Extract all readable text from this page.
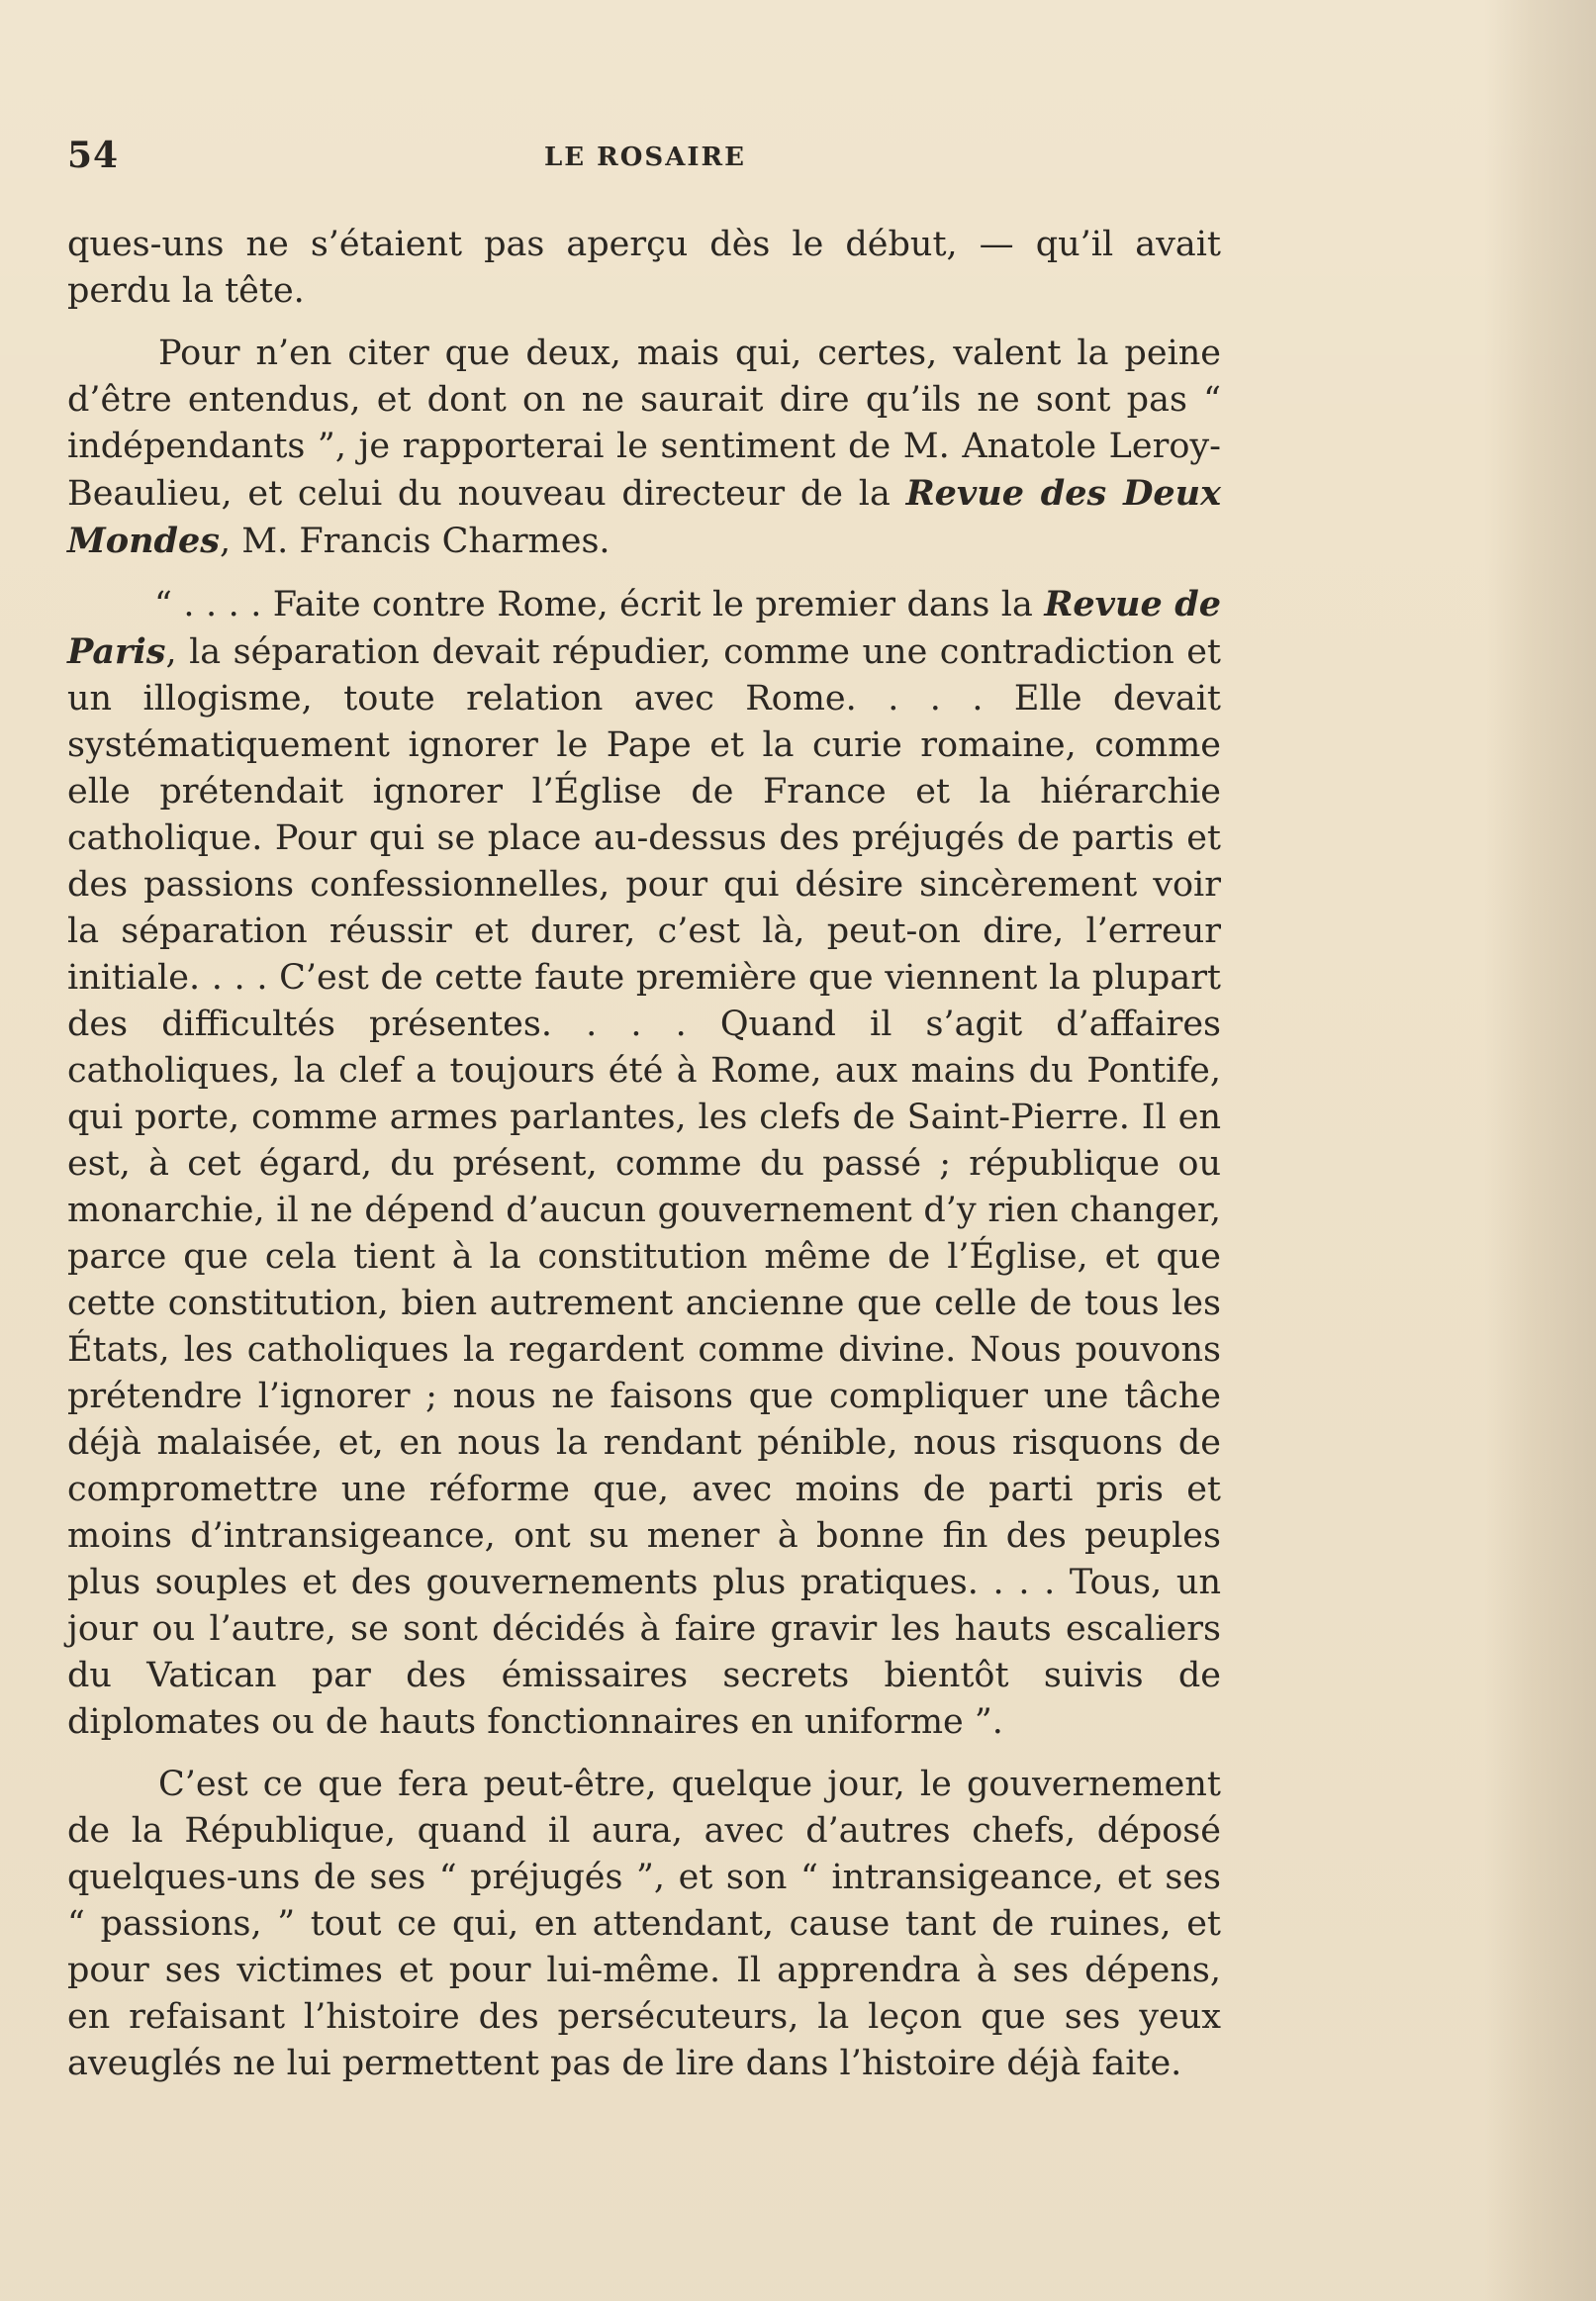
54	LE ROSAIRE

ques-uns ne s’étaient pas aperçu dès le début, — qu’il avait perdu la tête.

Pour n’en citer que deux, mais qui, certes, valent la peine d’être entendus, et dont on ne saurait dire qu’ils ne sont pas “ indépendants ”, je rapporterai le sentiment de M. Anatole Leroy-Beaulieu, et celui du nouveau directeur de la Revue des Deux Mondes, M. Francis Charmes.

“ . . . . Faite contre Rome, écrit le premier dans la Revue de Paris, la séparation devait répudier, comme une contradiction et un illogisme, toute relation avec Rome. . . . Elle devait systématiquement ignorer le Pape et la curie romaine, comme elle prétendait ignorer l’Église de France et la hiérarchie catholique. Pour qui se place au-dessus des préjugés de partis et des passions confessionnelles, pour qui désire sincèrement voir la séparation réussir et durer, c’est là, peut-on dire, l’erreur initiale. . . . C’est de cette faute première que viennent la plupart des difficultés présentes. . . . Quand il s’agit d’affaires catholiques, la clef a toujours été à Rome, aux mains du Pontife, qui porte, comme armes parlantes, les clefs de Saint-Pierre. Il en est, à cet égard, du présent, comme du passé ; république ou monarchie, il ne dépend d’aucun gouvernement d’y rien changer, parce que cela tient à la constitution même de l’Église, et que cette constitution, bien autrement ancienne que celle de tous les États, les catholiques la regardent comme divine. Nous pouvons prétendre l’ignorer ; nous ne faisons que compliquer une tâche déjà malaisée, et, en nous la rendant pénible, nous risquons de compromettre une réforme que, avec moins de parti pris et moins d’intransigeance, ont su mener à bonne fin des peuples plus souples et des gouvernements plus pratiques. . . . Tous, un jour ou l’autre, se sont décidés à faire gravir les hauts escaliers du Vatican par des émissaires secrets bientôt suivis de diplomates ou de hauts fonctionnaires en uniforme ”.

C’est ce que fera peut-être, quelque jour, le gouvernement de la République, quand il aura, avec d’autres chefs, déposé quelques-uns de ses “ préjugés ”, et son “ intransigeance, et ses “ passions, ” tout ce qui, en attendant, cause tant de ruines, et pour ses victimes et pour lui-même. Il apprendra à ses dépens, en refaisant l’histoire des persécuteurs, la leçon que ses yeux aveuglés ne lui permettent pas de lire dans l’histoire déjà faite.
